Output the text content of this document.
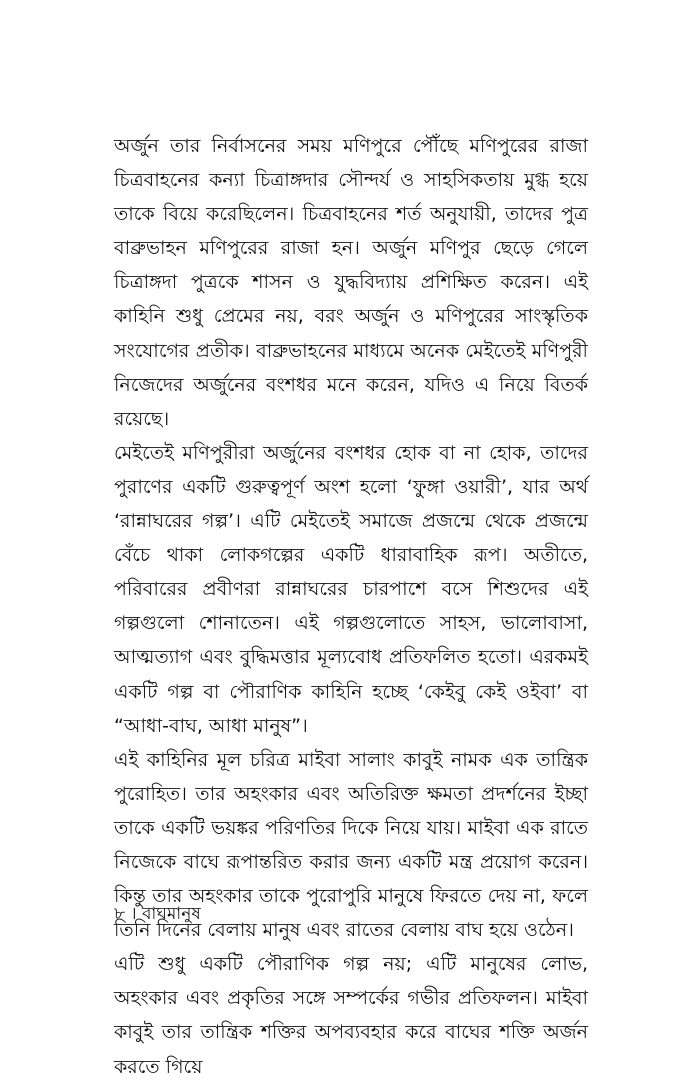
অর্জুন তার নির্বাসনের সময় মণিপুরে পৌঁছে মণিপুরের রাজা চিত্রবাহনের কন্যা চিত্রাঙ্গদার সৌন্দর্য ও সাহসিকতায় মুগ্ধ হয়ে তাকে বিয়ে করেছিলেন। চিত্রবাহনের শর্ত অনুযায়ী, তাদের পুত্র বাব্রুভাহন মণিপুরের রাজা হন। অর্জুন মণিপুর ছেড়ে গেলে চিত্রাঙ্গদা পুত্রকে শাসন ও যুদ্ধবিদ্যায় প্রশিক্ষিত করেন। এই কাহিনি শুধু প্রেমের নয়, বরং অর্জুন ও মণিপুরের সাংস্কৃতিক সংযোগের প্রতীক। বাব্রুভাহনের মাধ্যমে অনেক মেইতেই মণিপুরী নিজেদের অর্জুনের বংশধর মনে করেন, যদিও এ নিয়ে বিতর্ক রয়েছে।

মেইতেই মণিপুরীরা অর্জুনের বংশধর হোক বা না হোক, তাদের পুরাণের একটি গুরুত্বপূর্ণ অংশ হলো ‘ফুঙ্গা ওয়ারী’, যার অর্থ ‘রান্নাঘরের গল্প’। এটি মেইতেই সমাজে প্রজন্মে থেকে প্রজন্মে বেঁচে থাকা লোকগল্পের একটি ধারাবাহিক রূপ। অতীতে, পরিবারের প্রবীণরা রান্নাঘরের চারপাশে বসে শিশুদের এই গল্পগুলো শোনাতেন। এই গল্পগুলোতে সাহস, ভালোবাসা, আত্মত্যাগ এবং বুদ্ধিমত্তার মূল্যবোধ প্রতিফলিত হতো। এরকমই একটি গল্প বা পৌরাণিক কাহিনি হচ্ছে ‘কেইবু কেই ওইবা’ বা “আধা-বাঘ, আধা মানুষ”।

এই কাহিনির মূল চরিত্র মাইবা সালাং কাবুই নামক এক তান্ত্রিক পুরোহিত। তার অহংকার এবং অতিরিক্ত ক্ষমতা প্রদর্শনের ইচ্ছা তাকে একটি ভয়ঙ্কর পরিণতির দিকে নিয়ে যায়। মাইবা এক রাতে নিজেকে বাঘে রূপান্তরিত করার জন্য একটি মন্ত্র প্রয়োগ করেন। কিন্তু তার অহংকার তাকে পুরোপুরি মানুষে ফিরতে দেয় না, ফলে তিনি দিনের বেলায় মানুষ এবং রাতের বেলায় বাঘ হয়ে ওঠেন।

এটি শুধু একটি পৌরাণিক গল্প নয়; এটি মানুষের লোভ, অহংকার এবং প্রকৃতির সঙ্গে সম্পর্কের গভীর প্রতিফলন। মাইবা কাবুই তার তান্ত্রিক শক্তির অপব্যবহার করে বাঘের শক্তি অর্জন করতে গিয়ে

৮ । বাঘমানুষ
